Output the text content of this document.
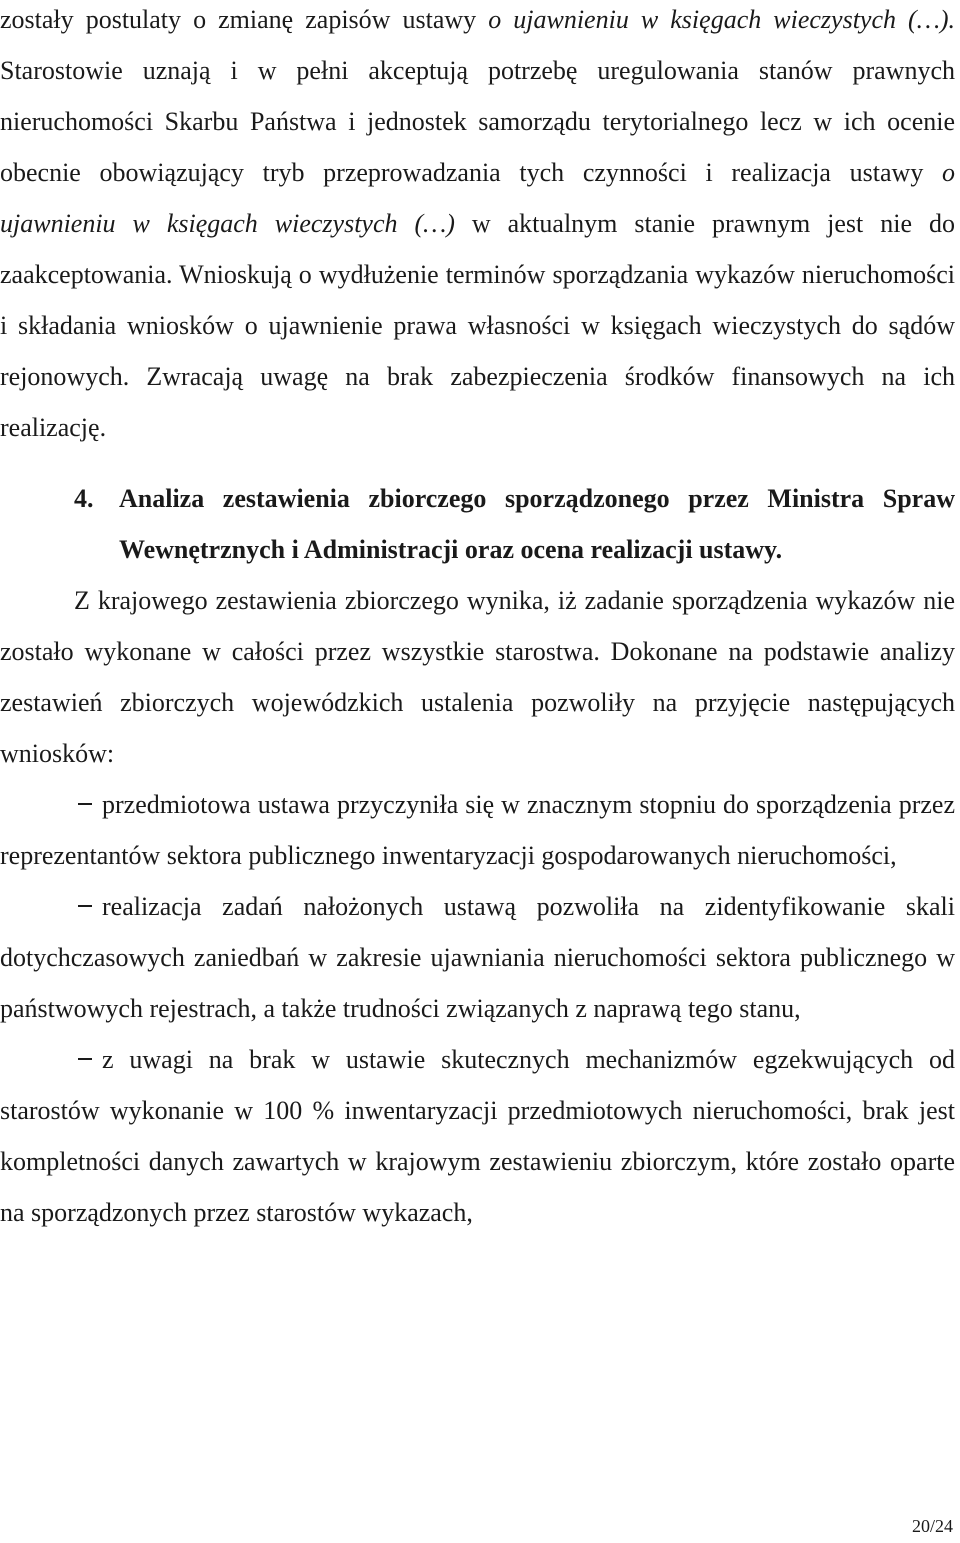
zostały postulaty o zmianę zapisów ustawy o ujawnieniu w księgach wieczystych (…). Starostowie uznają i w pełni akceptują potrzebę uregulowania stanów prawnych nieruchomości Skarbu Państwa i jednostek samorządu terytorialnego lecz w ich ocenie obecnie obowiązujący tryb przeprowadzania tych czynności i realizacja ustawy o ujawnieniu w księgach wieczystych (…) w aktualnym stanie prawnym jest nie do zaakceptowania. Wnioskują o wydłużenie terminów sporządzania wykazów nieruchomości i składania wniosków o ujawnienie prawa własności w księgach wieczystych do sądów rejonowych. Zwracają uwagę na brak zabezpieczenia środków finansowych na ich realizację.

4. Analiza zestawienia zbiorczego sporządzonego przez Ministra Spraw Wewnętrznych i Administracji oraz ocena realizacji ustawy.

Z krajowego zestawienia zbiorczego wynika, iż zadanie sporządzenia wykazów nie zostało wykonane w całości przez wszystkie starostwa. Dokonane na podstawie analizy zestawień zbiorczych wojewódzkich ustalenia pozwoliły na przyjęcie następujących wniosków:

przedmiotowa ustawa przyczyniła się w znacznym stopniu do sporządzenia przez reprezentantów sektora publicznego inwentaryzacji gospodarowanych nieruchomości,

realizacja zadań nałożonych ustawą pozwoliła na zidentyfikowanie skali dotychczasowych zaniedbań w zakresie ujawniania nieruchomości sektora publicznego w państwowych rejestrach, a także trudności związanych z naprawą tego stanu,

z uwagi na brak w ustawie skutecznych mechanizmów egzekwujących od starostów wykonanie w 100 % inwentaryzacji przedmiotowych nieruchomości, brak jest kompletności danych zawartych w krajowym zestawieniu zbiorczym, które zostało oparte na sporządzonych przez starostów wykazach,

20/24
